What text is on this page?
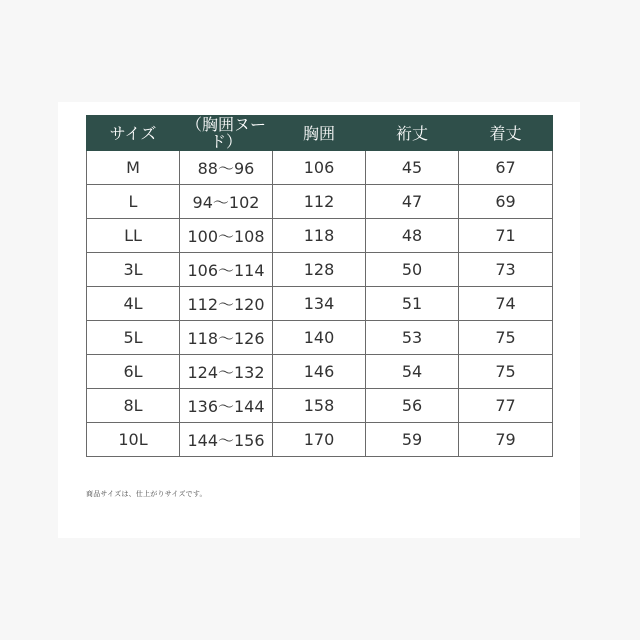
サイズ	（胸囲ヌード）	胸囲	裄丈	着丈
M	88～96	106	45	67
L	94～102	112	47	69
LL	100～108	118	48	71
3L	106～114	128	50	73
4L	112～120	134	51	74
5L	118～126	140	53	75
6L	124～132	146	54	75
8L	136～144	158	56	77
10L	144～156	170	59	79
商品サイズは、仕上がりサイズです。
